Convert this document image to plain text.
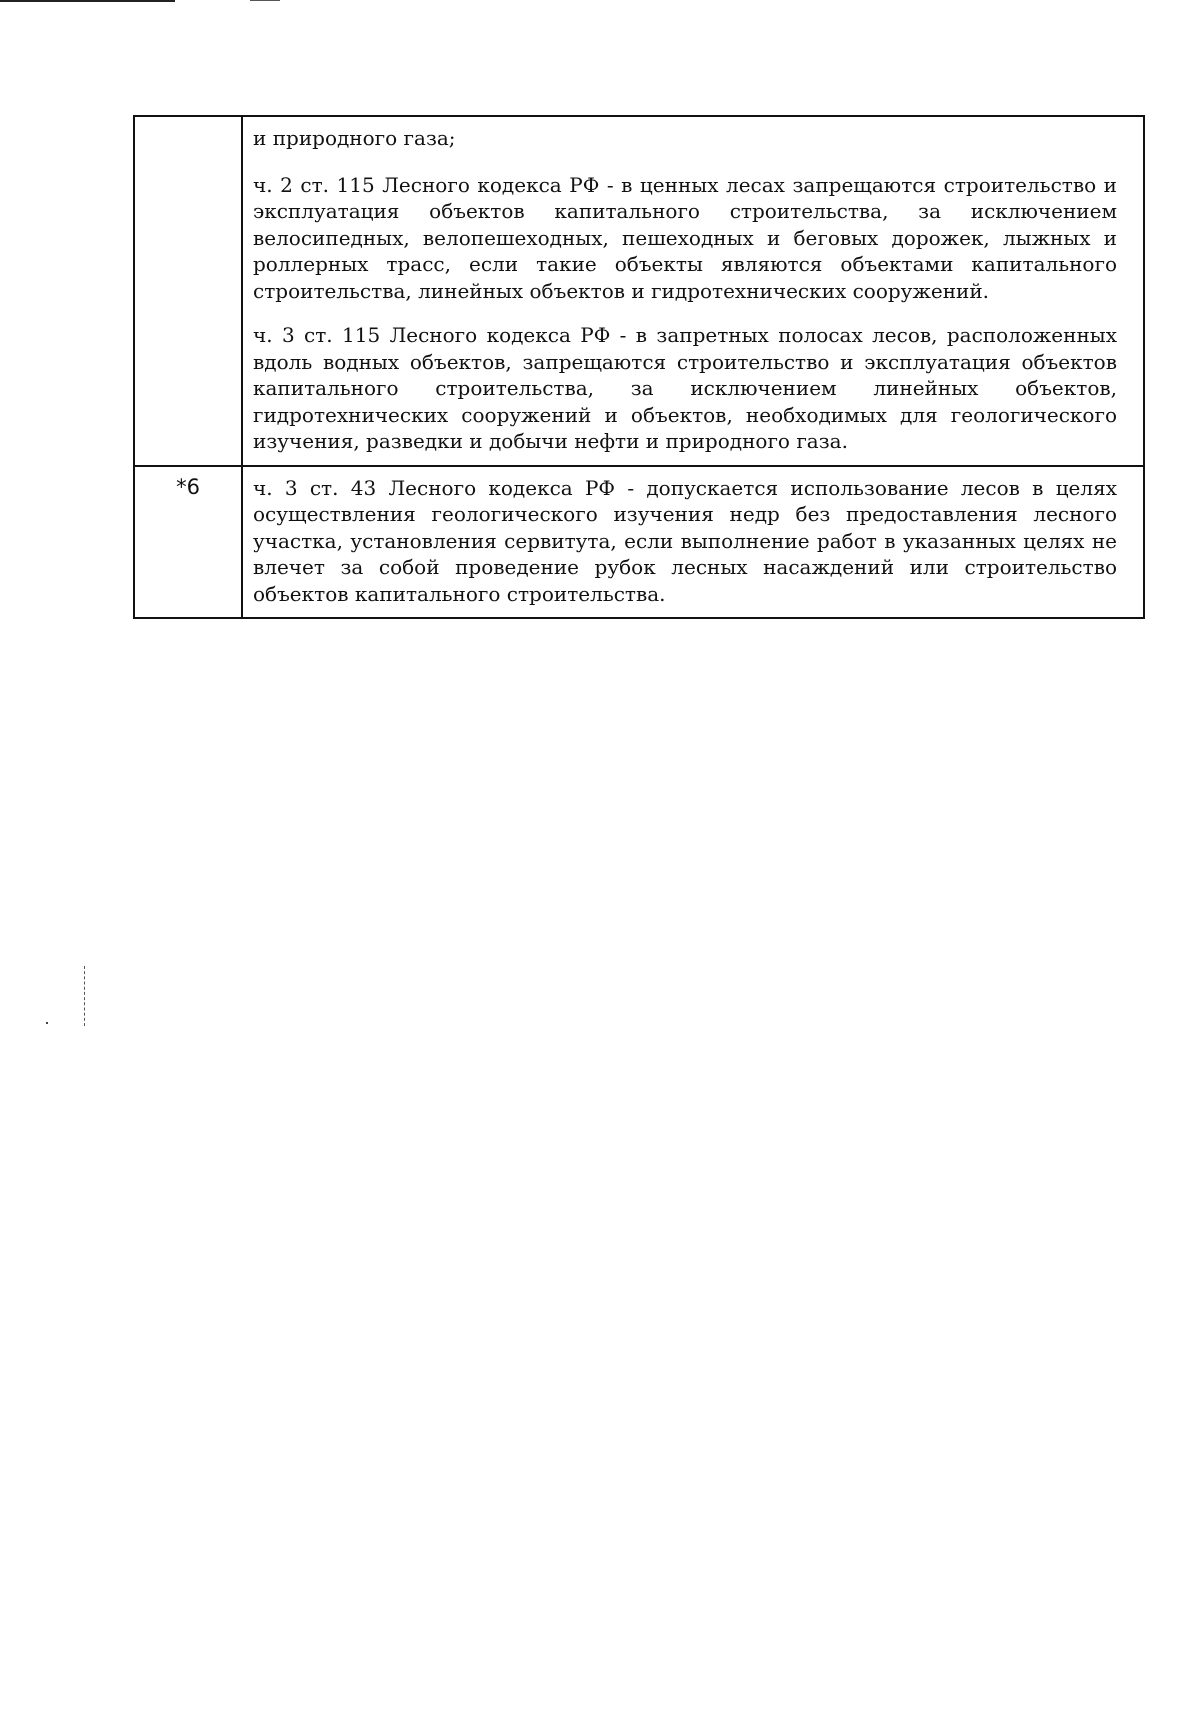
	и природного газа;

ч. 2 ст. 115 Лесного кодекса РФ - в ценных лесах запрещаются строительство и эксплуатация объектов капитального строительства, за исключением велосипедных, велопешеходных, пешеходных и беговых дорожек, лыжных и роллерных трасс, если такие объекты являются объектами капитального строительства, линейных объектов и гидротехнических сооружений.

ч. 3 ст. 115 Лесного кодекса РФ - в запретных полосах лесов, расположенных вдоль водных объектов, запрещаются строительство и эксплуатация объектов капитального строительства, за исключением линейных объектов, гидротехнических сооружений и объектов, необходимых для геологического изучения, разведки и добычи нефти и природного газа.

*6	ч. 3 ст. 43 Лесного кодекса РФ - допускается использование лесов в целях осуществления геологического изучения недр без предоставления лесного участка, установления сервитута, если выполнение работ в указанных целях не влечет за собой проведение рубок лесных насаждений или строительство объектов капитального строительства.
